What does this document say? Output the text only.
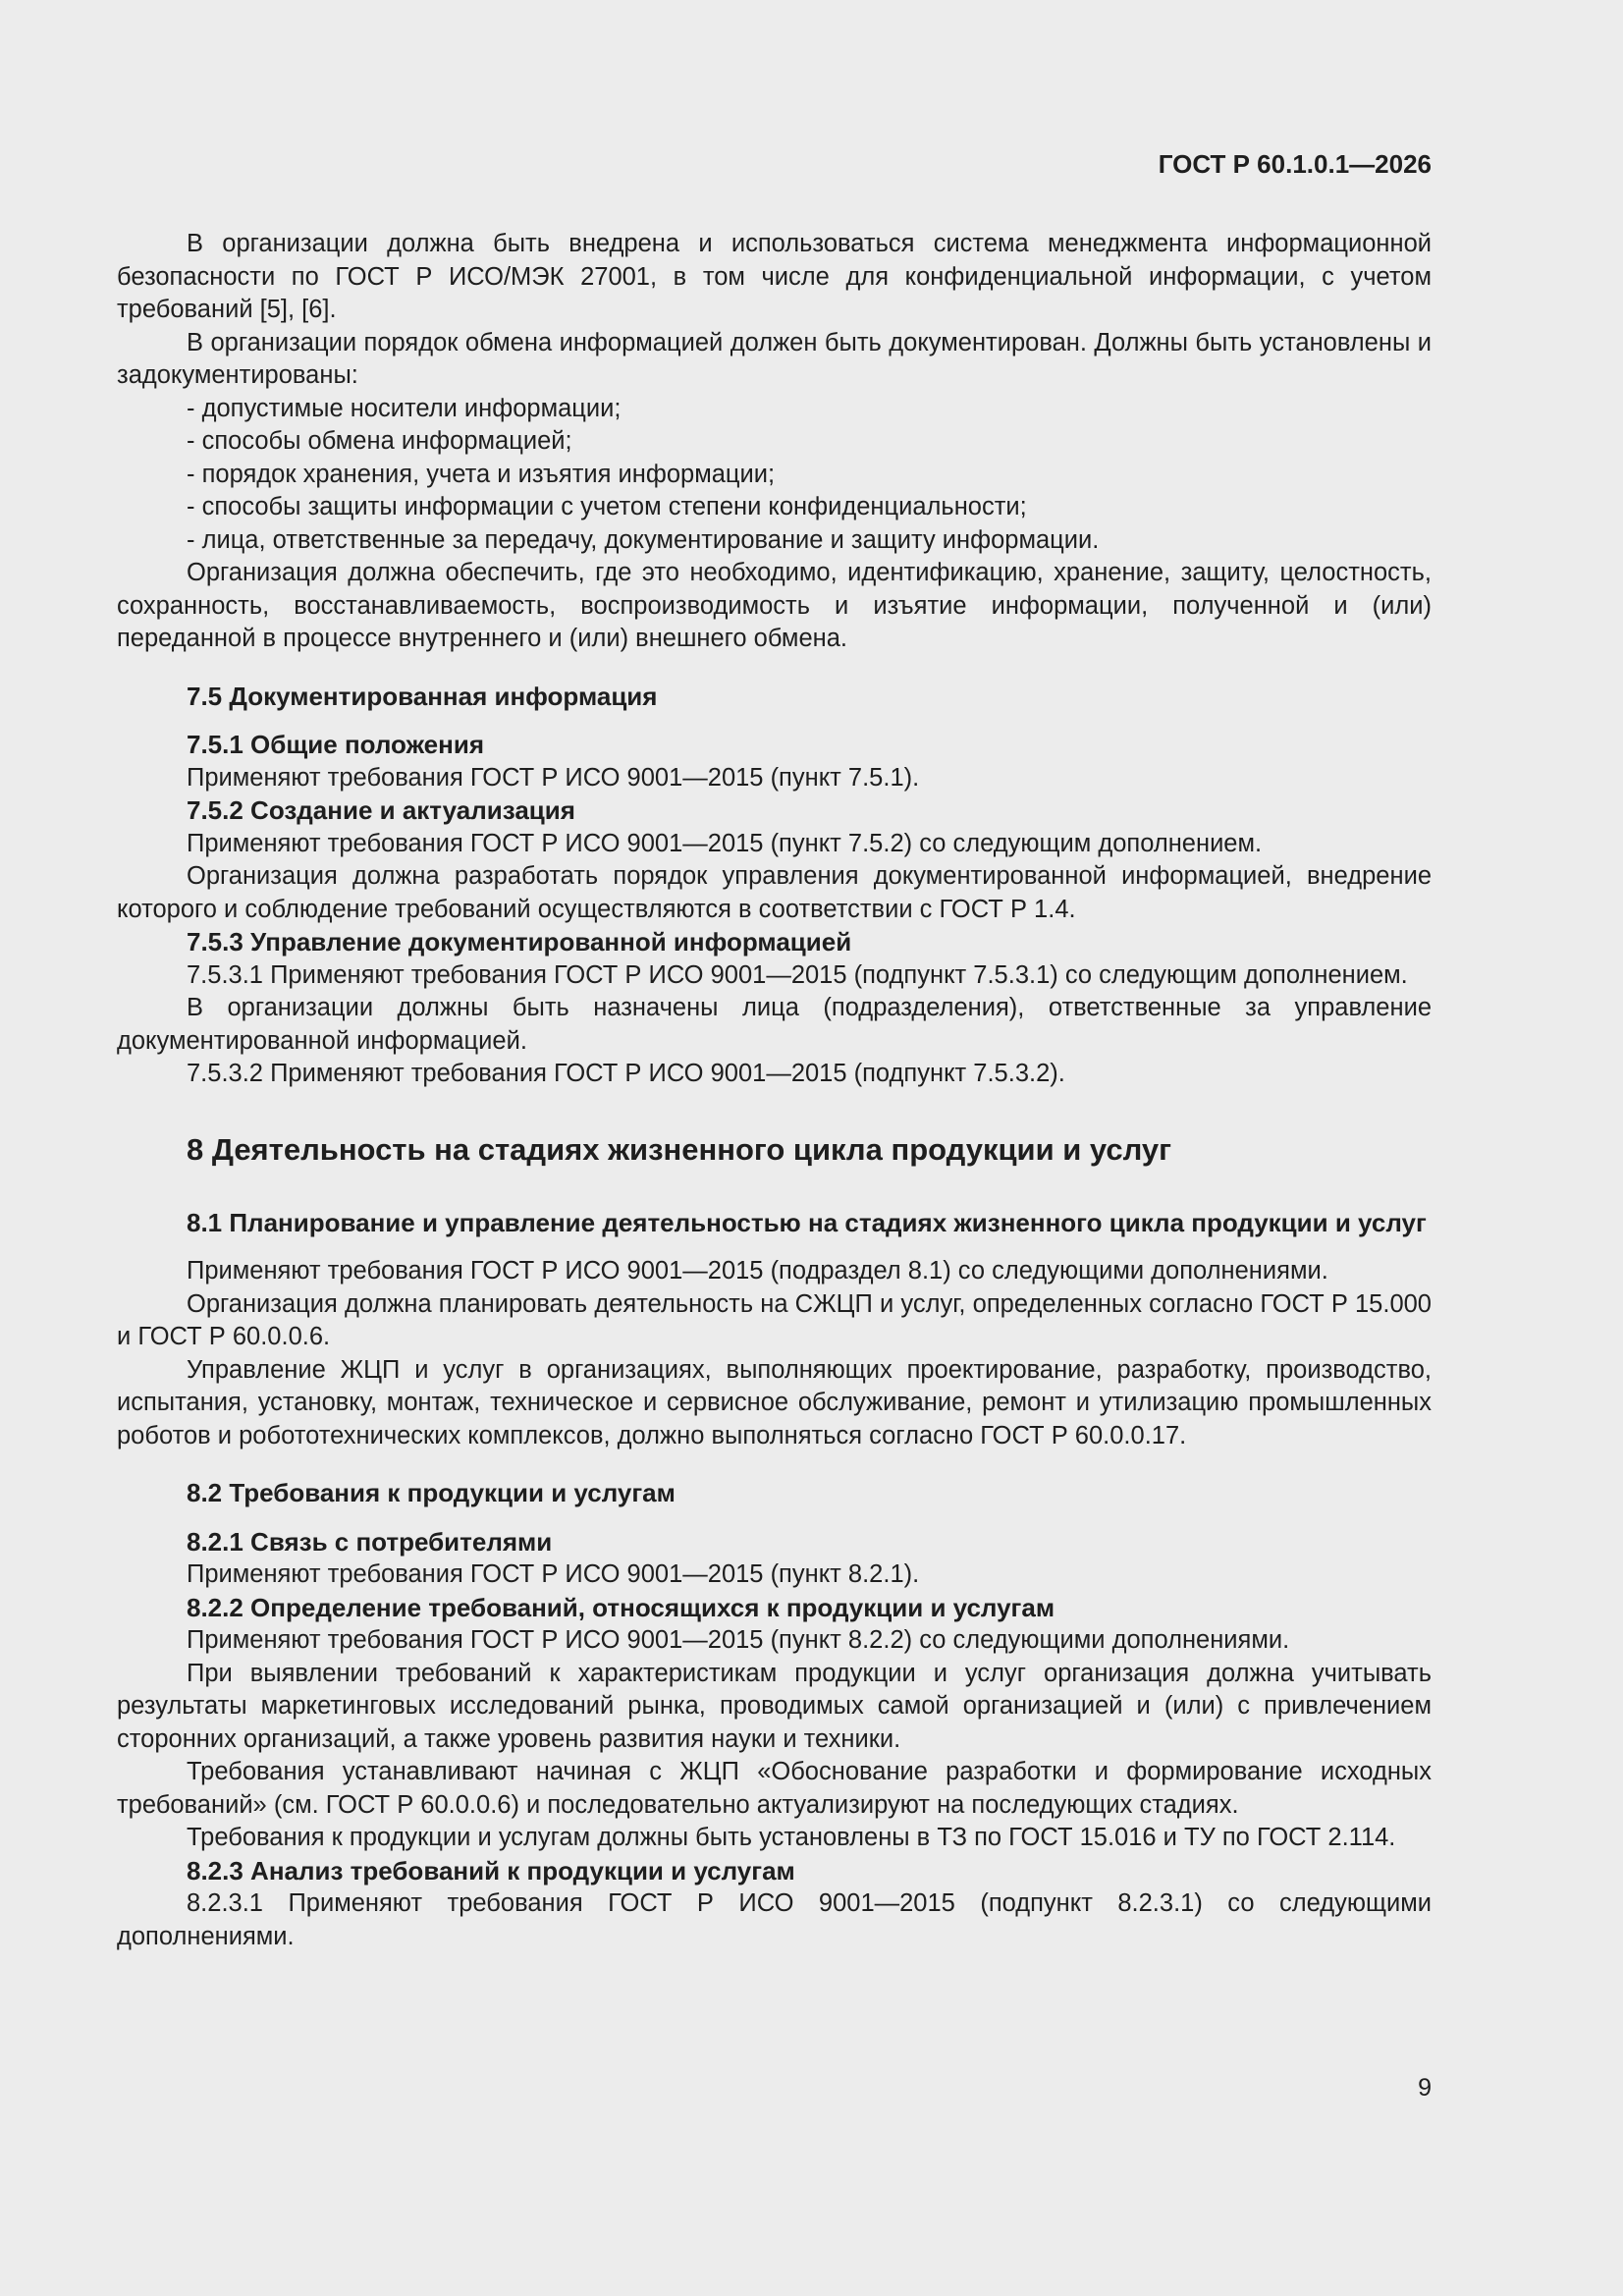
ГОСТ Р 60.1.0.1—2026

В организации должна быть внедрена и использоваться система менеджмента информационной безопасности по ГОСТ Р ИСО/МЭК 27001, в том числе для конфиденциальной информации, с учетом требований [5], [6].

В организации порядок обмена информацией должен быть документирован. Должны быть установлены и задокументированы:

- допустимые носители информации;
- способы обмена информацией;
- порядок хранения, учета и изъятия информации;
- способы защиты информации с учетом степени конфиденциальности;
- лица, ответственные за передачу, документирование и защиту информации.

Организация должна обеспечить, где это необходимо, идентификацию, хранение, защиту, целостность, сохранность, восстанавливаемость, воспроизводимость и изъятие информации, полученной и (или) переданной в процессе внутреннего и (или) внешнего обмена.

7.5 Документированная информация
7.5.1 Общие положения

Применяют требования ГОСТ Р ИСО 9001—2015 (пункт 7.5.1).

7.5.2 Создание и актуализация

Применяют требования ГОСТ Р ИСО 9001—2015 (пункт 7.5.2) со следующим дополнением.

Организация должна разработать порядок управления документированной информацией, внедрение которого и соблюдение требований осуществляются в соответствии с ГОСТ Р 1.4.

7.5.3 Управление документированной информацией

7.5.3.1 Применяют требования ГОСТ Р ИСО 9001—2015 (подпункт 7.5.3.1) со следующим дополнением.

В организации должны быть назначены лица (подразделения), ответственные за управление документированной информацией.

7.5.3.2 Применяют требования ГОСТ Р ИСО 9001—2015 (подпункт 7.5.3.2).

8 Деятельность на стадиях жизненного цикла продукции и услуг
8.1 Планирование и управление деятельностью на стадиях жизненного цикла продукции и услуг

Применяют требования ГОСТ Р ИСО 9001—2015 (подраздел 8.1) со следующими дополнениями.

Организация должна планировать деятельность на СЖЦП и услуг, определенных согласно ГОСТ Р 15.000 и ГОСТ Р 60.0.0.6.

Управление ЖЦП и услуг в организациях, выполняющих проектирование, разработку, производство, испытания, установку, монтаж, техническое и сервисное обслуживание, ремонт и утилизацию промышленных роботов и робототехнических комплексов, должно выполняться согласно ГОСТ Р 60.0.0.17.

8.2 Требования к продукции и услугам
8.2.1 Связь с потребителями

Применяют требования ГОСТ Р ИСО 9001—2015 (пункт 8.2.1).

8.2.2 Определение требований, относящихся к продукции и услугам

Применяют требования ГОСТ Р ИСО 9001—2015 (пункт 8.2.2) со следующими дополнениями.

При выявлении требований к характеристикам продукции и услуг организация должна учитывать результаты маркетинговых исследований рынка, проводимых самой организацией и (или) с привлечением сторонних организаций, а также уровень развития науки и техники.

Требования устанавливают начиная с ЖЦП «Обоснование разработки и формирование исходных требований» (см. ГОСТ Р 60.0.0.6) и последовательно актуализируют на последующих стадиях.

Требования к продукции и услугам должны быть установлены в ТЗ по ГОСТ 15.016 и ТУ по ГОСТ 2.114.

8.2.3 Анализ требований к продукции и услугам

8.2.3.1 Применяют требования ГОСТ Р ИСО 9001—2015 (подпункт 8.2.3.1) со следующими дополнениями.

9
